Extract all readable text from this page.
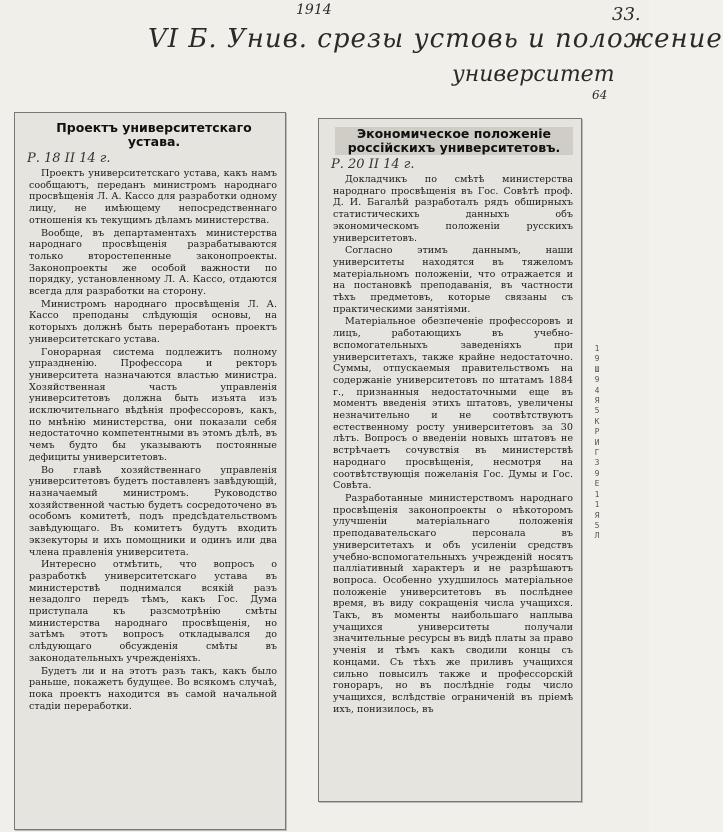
1914	33.
VI Б. Унив. срезы устовь и положение
университет
64
Проектъ университетскаго устава.
Р. 18 II 14 г.

Проектъ университетскаго устава, какъ намъ сообщаютъ, переданъ министромъ народнаго просвѣщенія Л. А. Кассо для разработки одному лицу, не имѣющему непосредственнаго отношенія къ текущимъ дѣламъ министерства.

Вообще, въ департаментахъ министерства народнаго просвѣщенія разрабатываются только второстепенные законопроекты. Законопроекты же особой важности по порядку, установленному Л. А. Кассо, отдаются всегда для разработки на сторону.

Министромъ народнаго просвѣщенія Л. А. Кассо преподаны слѣдующія основы, на которыхъ должнѣ быть переработанъ проектъ университетскаго устава.

Гонорарная система подлежитъ полному упраздненію. Профессора и ректоръ университета назначаются властью министра. Хозяйственная часть управленія университетовъ должна быть изъята изъ исключительнаго вѣдѣнія профессоровъ, какъ, по мнѣнію министерства, они показали себя недостаточно компетентными въ этомъ дѣлѣ, въ чемъ будто бы указываютъ постоянные дефициты университетовъ.

Во главѣ хозяйственнаго управленія университетовъ будетъ поставленъ завѣдующій, назначаемый министромъ. Руководство хозяйственной частью будетъ сосредоточено въ особомъ комитетѣ, подъ предсѣдательствомъ завѣдующаго. Въ комитетъ будутъ входить экзекуторы и ихъ помощники и одинъ или два члена правленія университета.

Интересно отмѣтить, что вопросъ о разработкѣ университетскаго устава въ министерствѣ поднимался всякій разъ незадолго передъ тѣмъ, какъ Гос. Дума приступала къ разсмотрѣнію смѣты министерства народнаго просвѣщенія, но затѣмъ этотъ вопросъ откладывался до слѣдующаго обсужденія смѣты въ законодательныхъ учрежденіяхъ.

Будетъ ли и на этотъ разъ такъ, какъ было раньше, покажетъ будущее. Во всякомъ случаѣ, пока проектъ находится въ самой начальной стадіи переработки.

Экономическое положеніе россійскихъ университетовъ.
Р. 20 II 14 г.

Докладчикъ по смѣтѣ министерства народнаго просвѣщенія въ Гос. Совѣтѣ проф. Д. И. Багалѣй разработалъ рядъ обширныхъ статистическихъ данныхъ объ экономическомъ положеніи русскихъ университетовъ.

Согласно этимъ даннымъ, наши университеты находятся въ тяжеломъ матеріальномъ положеніи, что отражается и на постановкѣ преподаванія, въ частности тѣхъ предметовъ, которые связаны съ практическими занятіями.

Матеріальное обезпеченіе профессоровъ и лицъ, работающихъ въ учебно-вспомогательныхъ заведеніяхъ при университетахъ, также крайне недостаточно. Суммы, отпускаемыя правительствомъ на содержаніе университетовъ по штатамъ 1884 г., признанныя недостаточными еще въ моментъ введенія этихъ штатовъ, увеличены незначительно и не соотвѣтствуютъ естественному росту университетовъ за 30 лѣтъ. Вопросъ о введеніи новыхъ штатовъ не встрѣчаетъ сочувствія въ министерствѣ народнаго просвѣщенія, несмотря на соотвѣтствующія пожеланія Гос. Думы и Гос. Совѣта.

Разработанные министерствомъ народнаго просвѣщенія законопроекты о нѣкоторомъ улучшеніи матеріальнаго положенія преподавательскаго персонала въ университетахъ и объ усиленіи средствъ учебно-вспомогательныхъ учрежденій носятъ паллiативный характеръ и не разрѣшаютъ вопроса. Особенно ухудшилось матеріальное положеніе университетовъ въ послѣднее время, въ виду сокращенія числа учащихся. Такъ, въ моменты наибольшаго наплыва учащихся университеты получали значительные ресурсы въ видѣ платы за право ученія и тѣмъ какъ сводили концы съ концами. Съ тѣхъ же приливъ учащихся сильно повысилъ также и профессорскій гонораръ, но въ послѣдніе годы число учащихся, вслѣдствіе ограниченій въ пріемѣ ихъ, понизилось, въ

1 9 Ш 9 4 Я 5 К Р И Г 3 9 Е 1 1 Я 5 Л
